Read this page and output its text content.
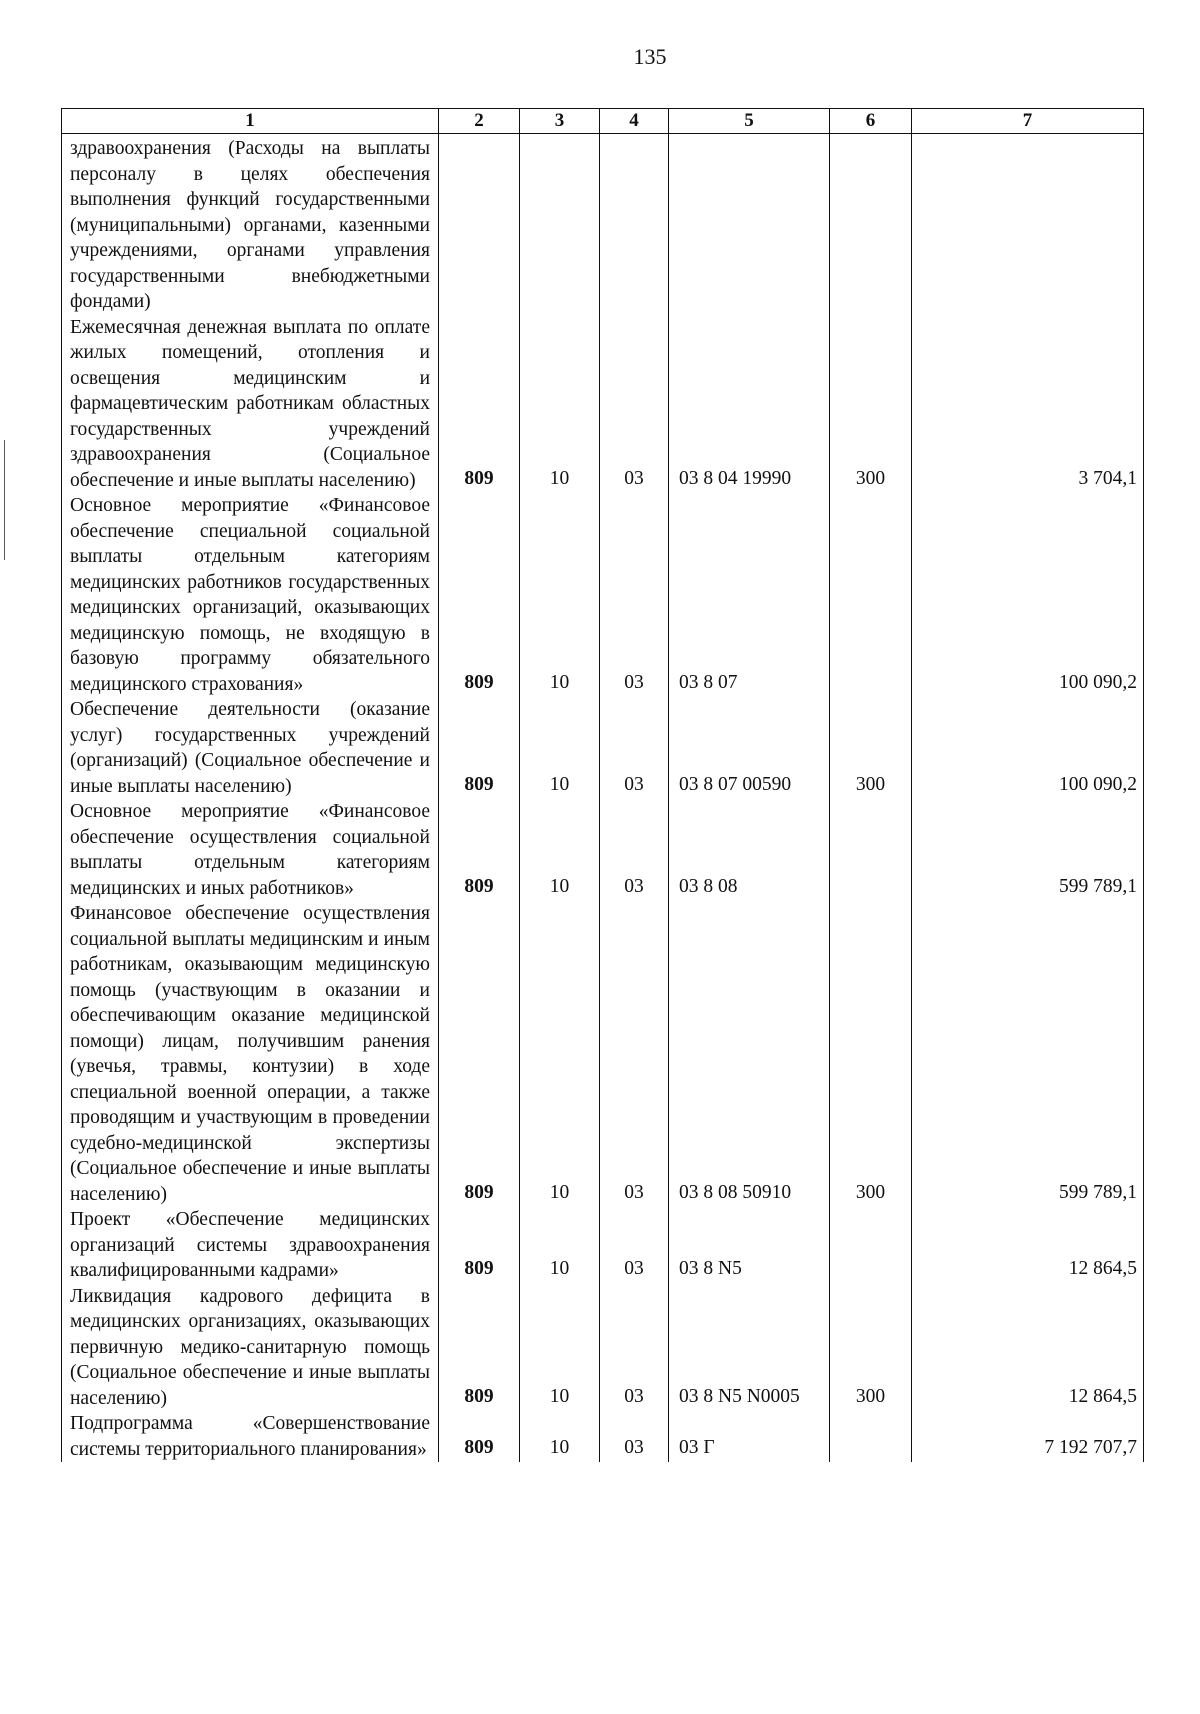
135
1	2	3	4	5	6	7
здравоохранения (Расходы на выплаты персоналу в целях обеспечения выполнения функций государственными (муниципальными) органами, казенными учреждениями, органами управления государственными внебюджетными фондами)						
Ежемесячная денежная выплата по оплате жилых помещений, отопления и освещения медицинским и фармацевтическим работникам областных государственных учреждений здравоохранения (Социальное обеспечение и иные выплаты населению)	809	10	03	03 8 04 19990	300	3 704,1
Основное мероприятие «Финансовое обеспечение специальной социальной выплаты отдельным категориям медицинских работников государственных медицинских организаций, оказывающих медицинскую помощь, не входящую в базовую программу обязательного медицинского страхования»	809	10	03	03 8 07		100 090,2
Обеспечение деятельности (оказание услуг) государственных учреждений (организаций) (Социальное обеспечение и иные выплаты населению)	809	10	03	03 8 07 00590	300	100 090,2
Основное мероприятие «Финансовое обеспечение осуществления социальной выплаты отдельным категориям медицинских и иных работников»	809	10	03	03 8 08		599 789,1
Финансовое обеспечение осуществления социальной выплаты медицинским и иным работникам, оказывающим медицинскую помощь (участвующим в оказании и обеспечивающим оказание медицинской помощи) лицам, получившим ранения (увечья, травмы, контузии) в ходе специальной военной операции, а также проводящим и участвующим в проведении судебно-медицинской экспертизы (Социальное обеспечение и иные выплаты населению)	809	10	03	03 8 08 50910	300	599 789,1
Проект «Обеспечение медицинских организаций системы здравоохранения квалифицированными кадрами»	809	10	03	03 8 N5		12 864,5
Ликвидация кадрового дефицита в медицинских организациях, оказывающих первичную медико-санитарную помощь (Социальное обеспечение и иные выплаты населению)	809	10	03	03 8 N5 N0005	300	12 864,5
Подпрограмма «Совершенствование системы территориального планирования»	809	10	03	03 Г		7 192 707,7
